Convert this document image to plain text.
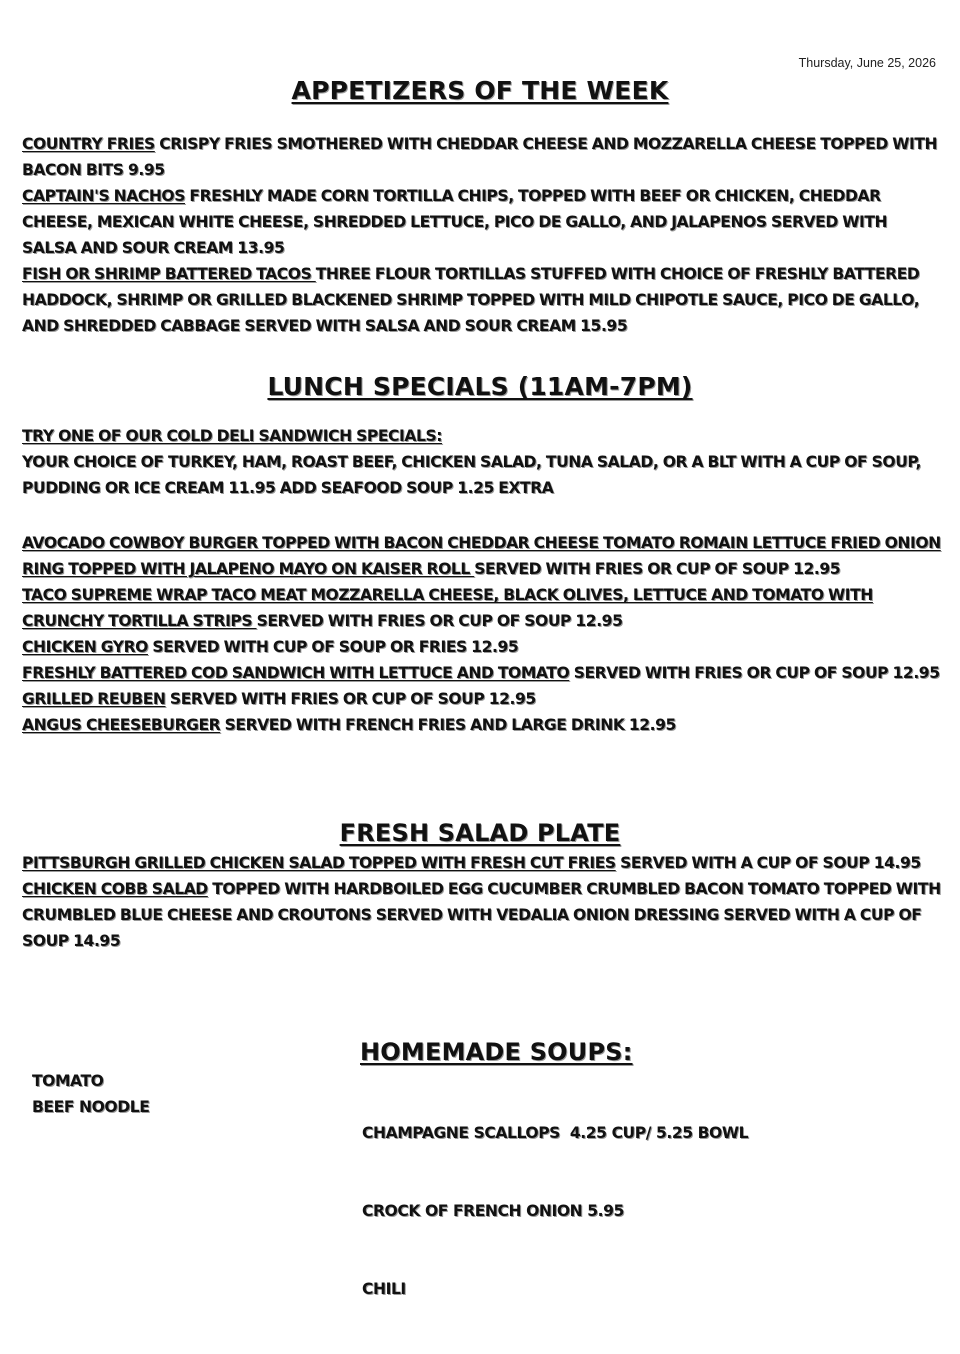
Thursday, June 25, 2026
APPETIZERS OF THE WEEK
COUNTRY FRIES CRISPY FRIES SMOTHERED WITH CHEDDAR CHEESE AND MOZZARELLA CHEESE TOPPED WITH BACON BITS 9.95
CAPTAIN'S NACHOS FRESHLY MADE CORN TORTILLA CHIPS, TOPPED WITH BEEF OR CHICKEN, CHEDDAR CHEESE, MEXICAN WHITE CHEESE, SHREDDED LETTUCE, PICO DE GALLO, AND JALAPENOS SERVED WITH SALSA AND SOUR CREAM 13.95
FISH OR SHRIMP BATTERED TACOS THREE FLOUR TORTILLAS STUFFED WITH CHOICE OF FRESHLY BATTERED HADDOCK, SHRIMP OR GRILLED BLACKENED SHRIMP TOPPED WITH MILD CHIPOTLE SAUCE, PICO DE GALLO, AND SHREDDED CABBAGE SERVED WITH SALSA AND SOUR CREAM 15.95
LUNCH SPECIALS (11AM-7PM)
TRY ONE OF OUR COLD DELI SANDWICH SPECIALS:
YOUR CHOICE OF TURKEY, HAM, ROAST BEEF, CHICKEN SALAD, TUNA SALAD, OR A BLT WITH A CUP OF SOUP, PUDDING OR ICE CREAM 11.95 ADD SEAFOOD SOUP 1.25 EXTRA
AVOCADO COWBOY BURGER TOPPED WITH BACON CHEDDAR CHEESE TOMATO ROMAIN LETTUCE FRIED ONION RING TOPPED WITH JALAPENO MAYO ON KAISER ROLL SERVED WITH FRIES OR CUP OF SOUP 12.95
TACO SUPREME WRAP TACO MEAT MOZZARELLA CHEESE, BLACK OLIVES, LETTUCE AND TOMATO WITH CRUNCHY TORTILLA STRIPS SERVED WITH FRIES OR CUP OF SOUP 12.95
CHICKEN GYRO SERVED WITH CUP OF SOUP OR FRIES 12.95
FRESHLY BATTERED COD SANDWICH WITH LETTUCE AND TOMATO SERVED WITH FRIES OR CUP OF SOUP 12.95
GRILLED REUBEN SERVED WITH FRIES OR CUP OF SOUP 12.95
ANGUS CHEESEBURGER SERVED WITH FRENCH FRIES AND LARGE DRINK 12.95
FRESH SALAD PLATE
PITTSBURGH GRILLED CHICKEN SALAD TOPPED WITH FRESH CUT FRIES SERVED WITH A CUP OF SOUP 14.95
CHICKEN COBB SALAD TOPPED WITH HARDBOILED EGG CUCUMBER CRUMBLED BACON TOMATO TOPPED WITH CRUMBLED BLUE CHEESE AND CROUTONS SERVED WITH VEDALIA ONION DRESSING SERVED WITH A CUP OF SOUP 14.95
HOMEMADE SOUPS:
TOMATO
BEEF NOODLE

CHAMPAGNE SCALLOPS  4.25 CUP/ 5.25 BOWL

CROCK OF FRENCH ONION 5.95

CHILI
